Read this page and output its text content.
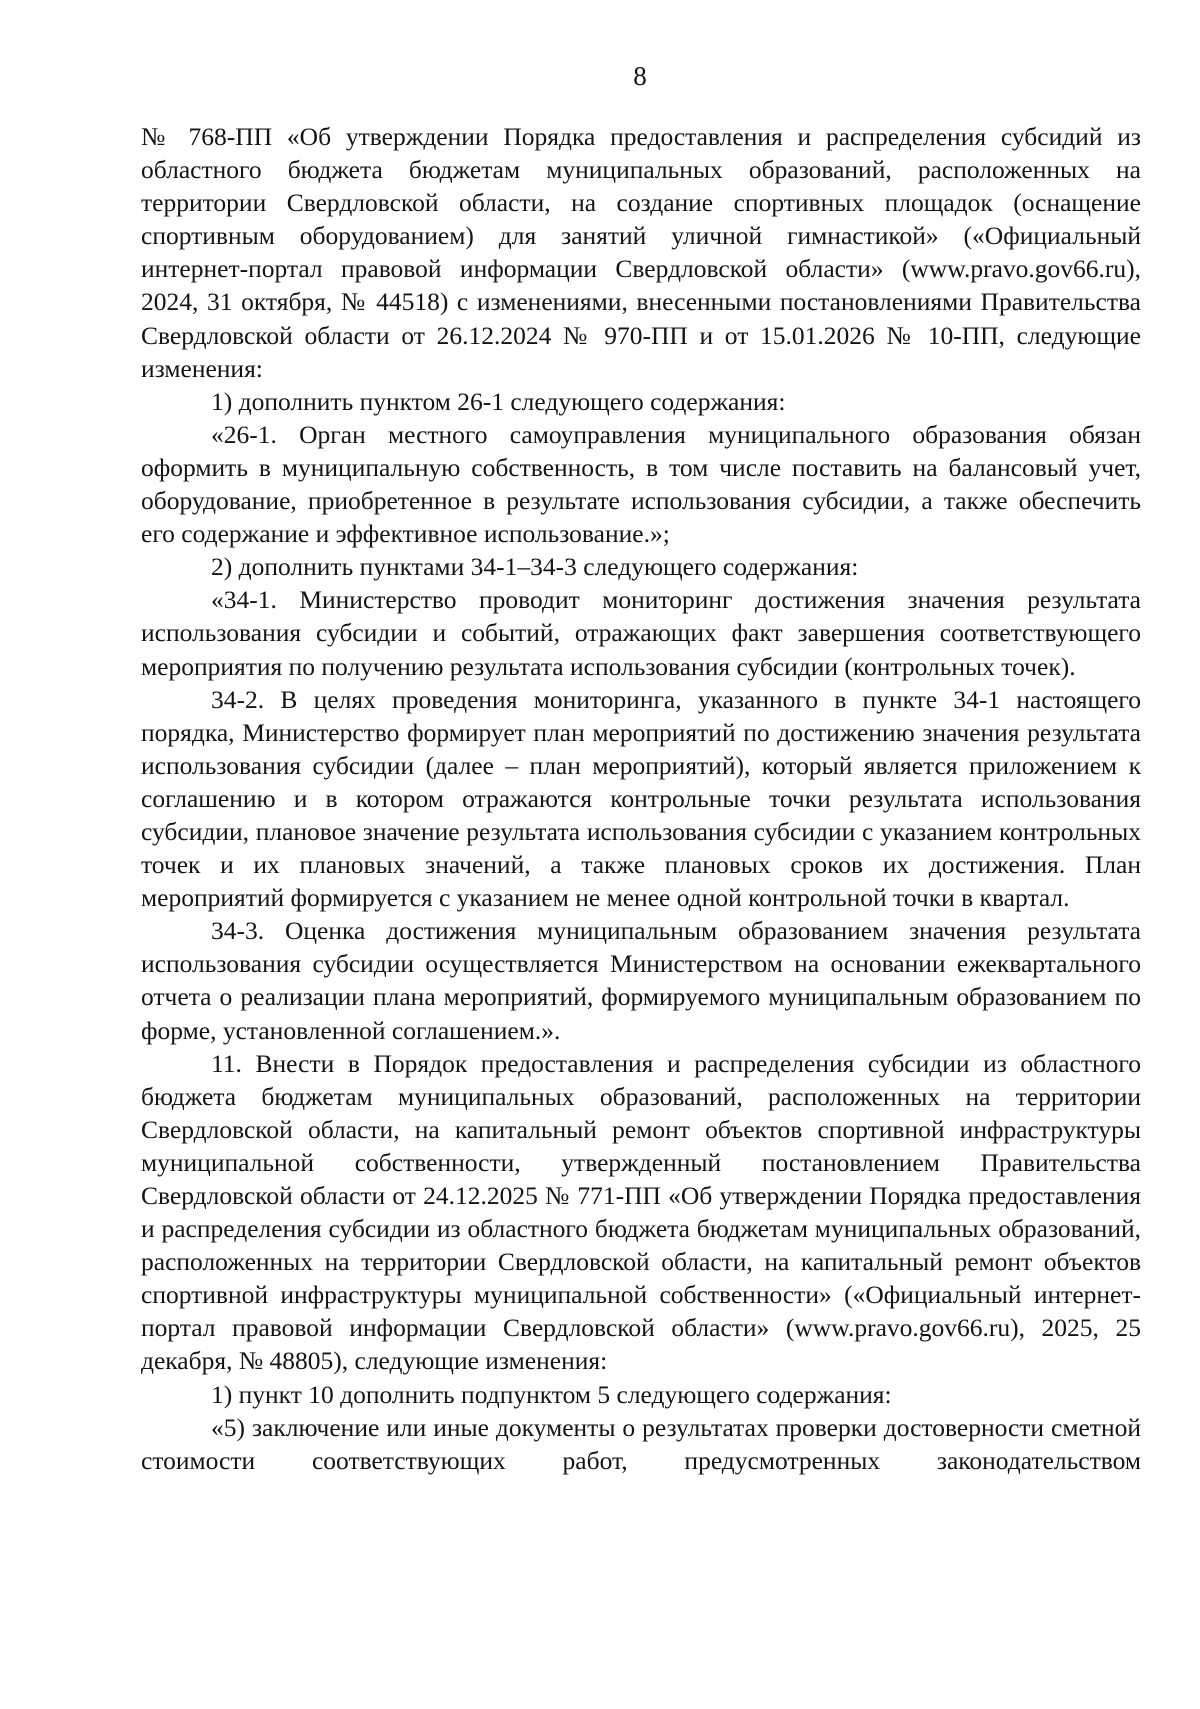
8

№ 768-ПП «Об утверждении Порядка предоставления и распределения субсидий из областного бюджета бюджетам муниципальных образований, расположенных на территории Свердловской области, на создание спортивных площадок (оснащение спортивным оборудованием) для занятий уличной гимнастикой» («Официальный интернет-портал правовой информации Свердловской области» (www.pravo.gov66.ru), 2024, 31 октября, № 44518) с изменениями, внесенными постановлениями Правительства Свердловской области от 26.12.2024 № 970-ПП и от 15.01.2026 № 10-ПП, следующие изменения:

1) дополнить пунктом 26-1 следующего содержания:

«26-1. Орган местного самоуправления муниципального образования обязан оформить в муниципальную собственность, в том числе поставить на балансовый учет, оборудование, приобретенное в результате использования субсидии, а также обеспечить его содержание и эффективное использование.»;

2) дополнить пунктами 34-1–34-3 следующего содержания:

«34-1. Министерство проводит мониторинг достижения значения результата использования субсидии и событий, отражающих факт завершения соответствующего мероприятия по получению результата использования субсидии (контрольных точек).

34-2. В целях проведения мониторинга, указанного в пункте 34-1 настоящего порядка, Министерство формирует план мероприятий по достижению значения результата использования субсидии (далее – план мероприятий), который является приложением к соглашению и в котором отражаются контрольные точки результата использования субсидии, плановое значение результата использования субсидии с указанием контрольных точек и их плановых значений, а также плановых сроков их достижения. План мероприятий формируется с указанием не менее одной контрольной точки в квартал.

34-3. Оценка достижения муниципальным образованием значения результата использования субсидии осуществляется Министерством на основании ежеквартального отчета о реализации плана мероприятий, формируемого муниципальным образованием по форме, установленной соглашением.».

11. Внести в Порядок предоставления и распределения субсидии из областного бюджета бюджетам муниципальных образований, расположенных на территории Свердловской области, на капитальный ремонт объектов спортивной инфраструктуры муниципальной собственности, утвержденный постановлением Правительства Свердловской области от 24.12.2025 № 771-ПП «Об утверждении Порядка предоставления и распределения субсидии из областного бюджета бюджетам муниципальных образований, расположенных на территории Свердловской области, на капитальный ремонт объектов спортивной инфраструктуры муниципальной собственности» («Официальный интернет-портал правовой информации Свердловской области» (www.pravo.gov66.ru), 2025, 25 декабря, № 48805), следующие изменения:

1) пункт 10 дополнить подпунктом 5 следующего содержания:

«5) заключение или иные документы о результатах проверки достоверности сметной стоимости соответствующих работ, предусмотренных законодательством
